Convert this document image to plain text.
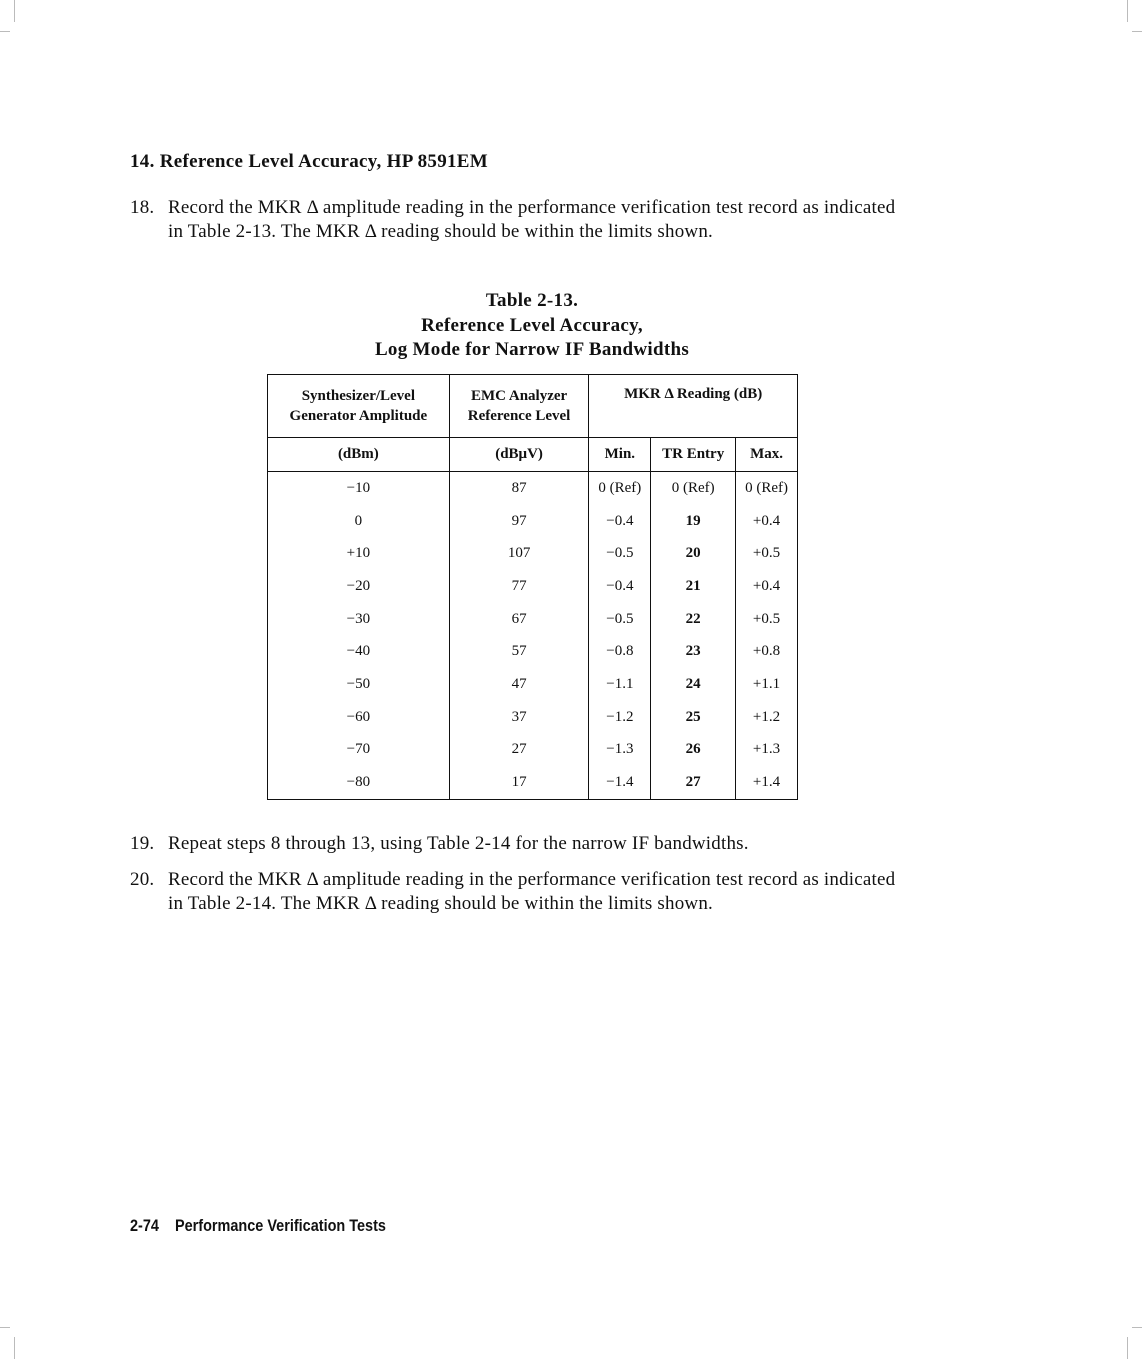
14. Reference Level Accuracy, HP 8591EM
18. Record the MKR Δ amplitude reading in the performance verification test record as indicated in Table 2-13. The MKR Δ reading should be within the limits shown.
Table 2-13.
Reference Level Accuracy,
Log Mode for Narrow IF Bandwidths
Synthesizer/Level Generator Amplitude	EMC Analyzer Reference Level	MKR Δ Reading (dB)		
(dBm)	(dBμV)	Min.	TR Entry	Max.
−10	87	0 (Ref)	0 (Ref)	0 (Ref)
0	97	−0.4	19	+0.4
+10	107	−0.5	20	+0.5
−20	77	−0.4	21	+0.4
−30	67	−0.5	22	+0.5
−40	57	−0.8	23	+0.8
−50	47	−1.1	24	+1.1
−60	37	−1.2	25	+1.2
−70	27	−1.3	26	+1.3
−80	17	−1.4	27	+1.4
19. Repeat steps 8 through 13, using Table 2-14 for the narrow IF bandwidths.
20. Record the MKR Δ amplitude reading in the performance verification test record as indicated in Table 2-14. The MKR Δ reading should be within the limits shown.
2-74    Performance Verification Tests
